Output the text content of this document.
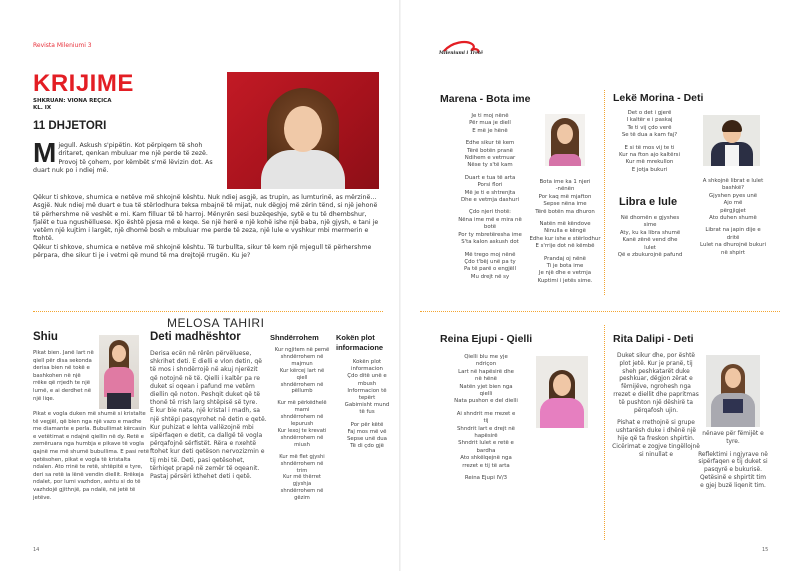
Revista Mileniumi 3
KRIJIME
SHKRUAN: VIONA REÇICA
KL. IX
11 DHJETORI
Mjegull. Askush s'pipëtin. Kot përpiqem të shoh dritaret, qenkan mbuluar me një perde të zezë. Provoj të çohem, por këmbët s'më lëvizin dot. As duart nuk po i ndiej më.

Qëkur ti shkove, shumica e netëve më shkojnë kështu. Nuk ndiej asgjë, as trupin, as lumturinë, as mërzinë... Asgjë. Nuk ndiej më duart e tua të stërlodhura teksa mbajnë të mijat, nuk dëgjoj më zërin tënd, si një jehonë të përhershme në veshët e mi. Kam filluar të të harroj. Mënyrën sesi buzëqeshje, sytë e tu të dhembshur, fjalët e tua ngushëlluese. Kjo është pjesa më e keqe. Se një herë e një kohë ishe një baba, një gjysh, e tani je vetëm një kujtim i largët, një dhomë bosh e mbuluar me perde të zeza, një lule e vyshkur mbi mermerin e ftohtë.

Qëkur ti shkove, shumica e netëve më shkojnë kështu. Të turbullta, sikur të kem një mjegull të përhershme përpara, dhe sikur ti je i vetmi që mund të ma drejtojë rrugën. Ku je?

MELOSA TAHIRI
Shiu
Pikat bien. Janë lart në qiell për disa sekonda derisa bien në tokë e bashkohen në një rrëke që rrjedh te një lumë, e ai derdhet në një liqe.
Pikat e vogla duken më shumë si kristalte të vegjël, që bien nga një vazo e madhe me diamante e perla. Bubullimat kërcasin e vetëtimat e ndajnë qiellin në dy. Retë e zemëruara nga humbja e pikave të vogla qajnë me më shumë bubullima. E pasi retë qetësohen, pikat e vogla të kristalta ndalen. Ato rrinë te retë, shtëpitë e tyre, deri sa retë ia lënë vendin diellit. Rrëkeja ndalet, por lumi vazhdon, ashtu si do të vazhdojë gjithnjë, pa ndalë, në jetë të jetëve.
Deti madhështor

Derisa ecën në rërën përvëluese, shkrihet deti. E dielli e vlon detin, që të mos i shndërrojë në akuj njerëzit që notojnë në të. Qielli i kaltër pa re duket si oqean i pafund me vetëm diellin që noton. Peshqit duket që të thonë të rrish larg shtëpisë së tyre.

E kur bie nata, një kristal i madh, sa një shtëpi pasqyrohet në detin e qetë. Kur puhizat e lehta vallëzojnë mbi sipërfaqen e detit, ca dallgë të vogla përqafojnë sërfistët. Rëra e nxehtë ftohet kur deti qetëson nervozizmin e tij mbi të. Deti, pasi qetësohet, tërhiqet prapë në zemër të oqeanit. Pastaj përsëri kthehet deti i qetë.

Shndërrohem
Kur ngjitem në pemë
shndërrohem në
majmun
Kur kërcej lart në
qiell
shndërrohem në
pëllumb
Kur më përkëdhelë
mami
shndërrohem në
lepurush
Kur lexoj te krevati
shndërrohem në
miush
Kur më flet gjyshi
shndërrohem në
trim
Kur më thërret
gjyshja
shndërrohem në
gëzim
Kokën plot informacione
Kokën plot
informacion
Çdo ditë unë e
mbush
Informacion të
tepërt
Gabimisht mund
të fus
Por për këtë
Faj mos më vë
Sepse unë dua
Të di çdo gjë
14
Mileniumi i Tretë
Marena - Bota ime
Je ti moj nënë
Për mua je diell
E më je hënë
Edhe sikur të kem
Tërë botën pranë
Ndihem e vetmuar
Nëse ty s'të kam
Duart e tua të arta
Porsi flori
Më je ti e shtrenjta
Dhe e vetmja dashuri
Çdo njeri thotë:
Nëna ime më e mira në
botë
Por ty mbretëresha ime
S'ta kalon askush dot
Më trego moj nënë
Çdo t'bëj unë pa ty
Pa të parë o engjëll
Mu drejt në sy
Bota ime ka 1 njeri
-nënën
Por kaq më mjafton
Sepse nëna ime
Tërë botën ma dhuron
Natën më këndove
Ninulla e këngë
Edhe kur ishe e stërlodhur
E s'rrije dot në këmbë
Prandaj oj nënë
Ti je bota ime
Je një dhe e vetmja
Kuptimi i jetës sime.
Lekë Morina - Deti
Det o det i gjerë
I kaltër e i paskaj
Te ti vij çdo verë
Se të dua a kam faj?
E si të mos vij te ti
Kur na fton ajo kaltërsi
Kur më mrekullon
E jotja bukuri
Libra e lule
Në dhomën e gjyshes
sime
Aty, ku ka libra shumë
Kanë zënë vend dhe
lulet
Që e zbukurojnë pafund
A shkojnë librat e lulet
bashkë?
Gjyshen pyes unë
Ajo më
përgjigjet
Ato duhen shumë
Librat na japin dije e
dritë
Lulet na dhurojnë bukuri
në shpirt
Reina Ejupi - Qielli
Qielli blu me yje
ndriçon
Lart në hapësirë dhe
në hënë
Natën yjet bien nga
qielli
Nata pushon e del dielli
Ai shndrit me rrezet e
tij
Shndrit lart e drejt në
hapësirë
Shndrit lulet e retë e
bardha
Ato shkëlqejnë nga
rrezet e tij të arta
Reina Ejupi IV/3
Rita Dalipi - Deti

Duket sikur dhe, por është plot jetë. Kur je pranë, tij sheh peshkatarët duke peshkuar, dëgjon zërat e fëmijëve, ngrohesh nga rrezet e diellit dhe papritmas të pushton një dëshirë ta përqafosh ujin.

Pishat e rrethojnë si grupe ushtarësh duke i dhënë një hije që ta freskon shpirtin. Cicërimat e zogjve tingëllojnë si ninullat e

nënave për fëmijët e tyre.

Reflektimi i ngjyrave në sipërfaqen e tij duket si pasqyrë e bukurisë. Qetësinë e shpirtit tim e gjej buzë liqenit tim.

15
